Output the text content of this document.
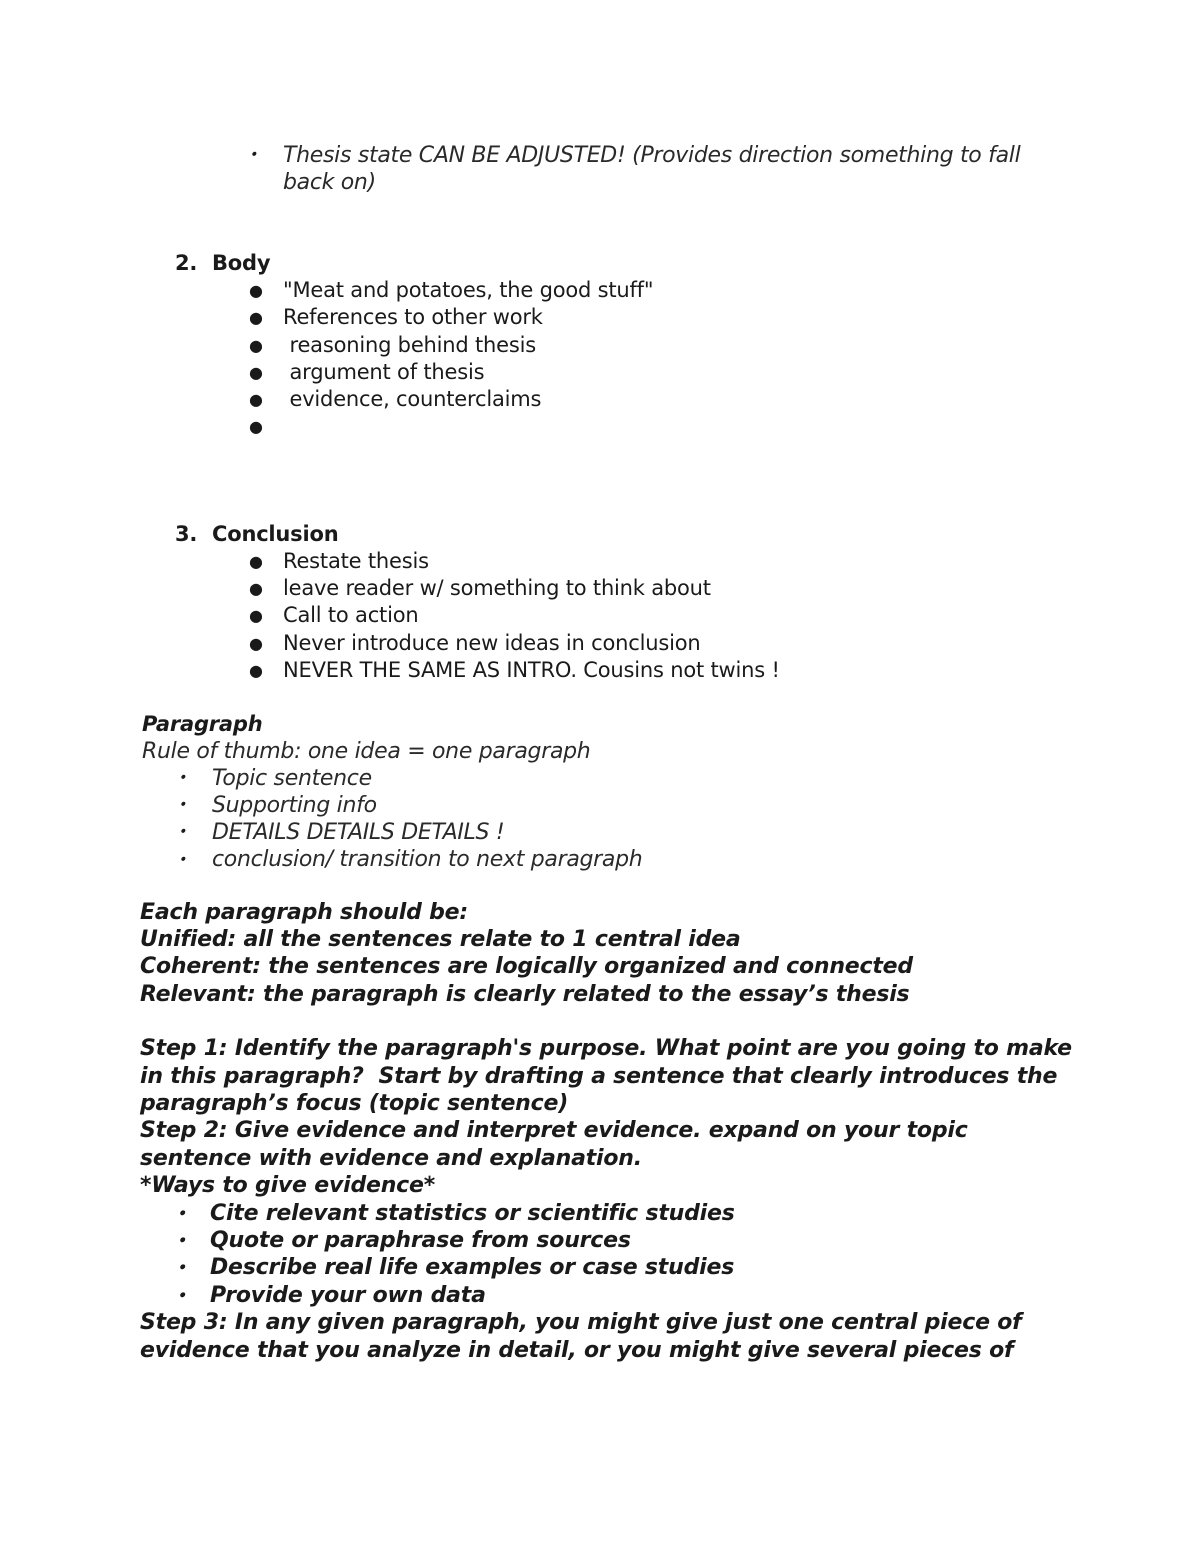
• Thesis state CAN BE ADJUSTED! (Provides direction something to fall
back on)
2. Body
● "Meat and potatoes, the good stuff"
● References to other work
● reasoning behind thesis
● argument of thesis
● evidence, counterclaims
●
3. Conclusion
● Restate thesis
● leave reader w/ something to think about
● Call to action
● Never introduce new ideas in conclusion
● NEVER THE SAME AS INTRO. Cousins not twins !
Paragraph
Rule of thumb: one idea = one paragraph
• Topic sentence
• Supporting info
• DETAILS DETAILS DETAILS !
• conclusion/ transition to next paragraph
Each paragraph should be:
Unified: all the sentences relate to 1 central idea
Coherent: the sentences are logically organized and connected
Relevant: the paragraph is clearly related to the essay’s thesis
Step 1: Identify the paragraph's purpose. What point are you going to make
in this paragraph?  Start by drafting a sentence that clearly introduces the
paragraph’s focus (topic sentence)
Step 2: Give evidence and interpret evidence. expand on your topic
sentence with evidence and explanation.
*Ways to give evidence*
• Cite relevant statistics or scientific studies
• Quote or paraphrase from sources
• Describe real life examples or case studies
• Provide your own data
Step 3: In any given paragraph, you might give just one central piece of
evidence that you analyze in detail, or you might give several pieces of
